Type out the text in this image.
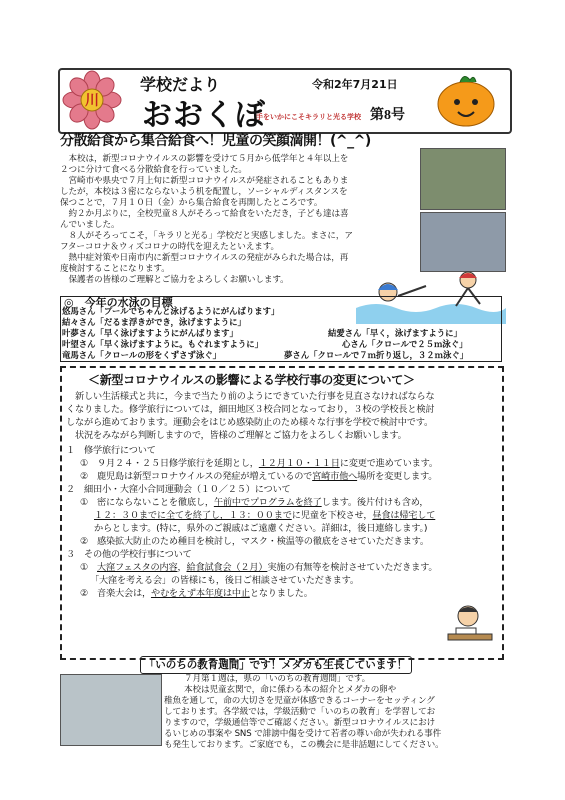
川
学校だより
おおくぼ
手をいかにこそキラリと光る学校
令和2年7月21日
第8号
分散給食から集合給食へ！児童の笑顔満開！(^_^)
　本校は，新型コロナウイルスの影響を受けて５月から低学年と４年以上を
２つに分けて食べる分散給食を行っていました。
　宮崎市や県央で７月上旬に新型コロナウイルスが発症されることもありま
したが，本校は３密にならないよう机を配置し，ソーシャルディスタンスを
保つことで，７月１０日（金）から集合給食を再開したところです。
　約２か月ぶりに，全校児童８人がそろって給食をいただき，子ども達は喜
んでいました。
　８人がそろってこそ，「キラリと光る」学校だと実感しました。まさに，ア
フターコロナ＆ウィズコロナの時代を迎えたといえます。
　熱中症対策や日南市内に新型コロナウイルスの発症がみられた場合は，再
度検討することになります。
　保護者の皆様のご理解とご協力をよろしくお願いします。
◎　今年の水泳の目標
悠馬さん「プールでちゃんと泳げるようにがんばります」
結々さん「だるま浮きができ，泳げますように」
叶夢さん「早く泳げますようにがんばります」
叶望さん「早く泳げますように。もぐれますように」
竜馬さん「クロールの形をくずさず泳ぐ」
結愛さん「早く，泳げますように」
心さん「クロールで２５ｍ泳ぐ」
夢さん「クロールで７ｍ折り返し，３２ｍ泳ぐ」
＜新型コロナウイルスの影響による学校行事の変更について＞
　新しい生活様式と共に，今まで当たり前のようにできていた行事を見直さなければならな
くなりました。修学旅行については，細田地区３校合同となっており，３校の学校長と検討
しながら進めております。運動会をはじめ感染防止のため様々な行事を学校で検討中です。
　状況をみながら判断しますので，皆様のご理解とご協力をよろしくお願いします。
１　修学旅行について
①　９月２４・２５日修学旅行を延期とし，１２月１０・１１日に変更で進めています。
②　鹿児島は新型コロナウイルスの発症が増えているので宮崎市他へ場所を変更します。
２　細田小・大窪小合同運動会（１０／２５）について
①　密にならないことを徹底し，午前中でプログラムを終了します。後片付けも含め，
１２：３０までに全てを終了し，１３：００までに児童を下校させ，昼食は帰宅して
からとします。(特に，県外のご親戚はご遠慮ください。詳細は，後日連絡します。)
②　感染拡大防止のため種目を検討し，マスク・検温等の徹底をさせていただきます。
３　その他の学校行事について
①　大窪フェスタの内容，給食試食会（２月）実施の有無等を検討させていただきます。
「大窪を考える会」の皆様にも，後日ご相談させていただきます。
②　音楽大会は，やむをえず本年度は中止となりました。
「いのちの教育週間」です！メダカも生長しています！
７月第１週は，県の「いのちの教育週間」です。
本校は児童玄関で，命に係わる本の紹介とメダカの卵や
稚魚を通して，命の大切さを児童が体感できるコーナーをセッティング
しております。各学級では，学級活動で「いのちの教育」を学習してお
りますので，学級通信等でご確認ください。新型コロナウイルスにおけ
るいじめの事案や SNS で誹謗中傷を受けて若者の尊い命が失われる事件
も発生しております。ご家庭でも，この機会に是非話題にしてください。
